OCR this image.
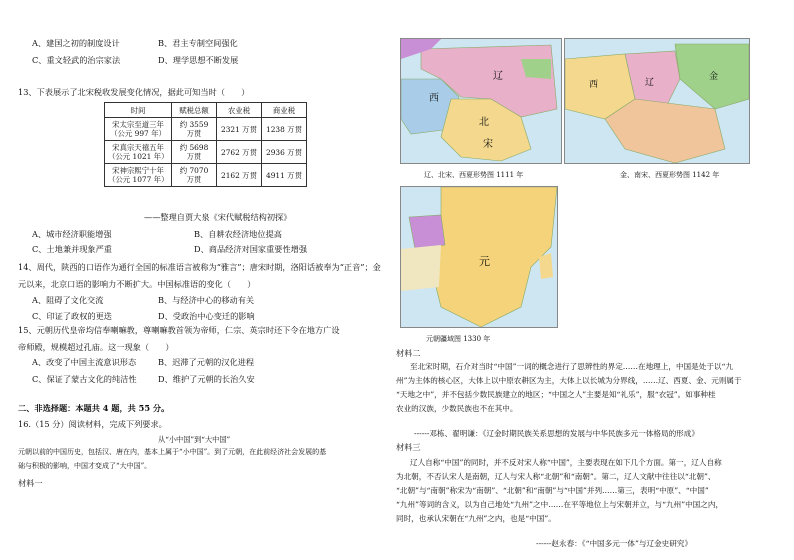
A、建国之初的制度设计	B、君主专制空间强化
C、重文轻武的治宗家法	D、理学思想不断发展
13、下表展示了北宋税收发展变化情况，据此可知当时（　　）
时间	赋税总额	农业税	商业税
宋太宗至道三年
（公元 997 年）	约 3559 万贯	2321 万贯	1238 万贯
宋真宗天禧五年
（公元 1021 年）	约 5698 万贯	2762 万贯	2936 万贯
宋神宗熙宁十年
（公元 1077 年）	约 7070 万贯	2162 万贯	4911 万贯
——整理自贾大泉《宋代赋税结构初探》
A、城市经济职能增强	B、自耕农经济地位提高
C、土地兼并现象严重	D、商品经济对国家重要性增强
14、周代，陕西的口语作为通行全国的标准语言被称为“雅言”；唐宋时期，洛阳话被奉为“正音”；金
元以来，北京口语的影响力不断扩大。中国标准语的变化（　　）
A、阻碍了文化交流	B、与经济中心的移动有关
C、印证了政权的更迭	D、受政治中心变迁的影响
15、元朝历代皇帝均信奉喇嘛教，尊喇嘛教首领为帝师，仁宗、英宗时还下令在地方广设
帝师殿，规模超过孔庙。这一现象（　　）
A、改变了中国主流意识形态	B、迟滞了元朝的汉化进程
C、保证了蒙古文化的纯洁性	D、维护了元朝的长治久安
二、非选择题：本题共 4 题，共 55 分。
16.（15 分）阅读材料，完成下列要求。
从“小中国”到“大中国”
元朝以前的中国历史，包括汉、唐在内，基本上属于“小中国”。到了元朝，在此前经济社会发展的基
础与积极的影响，中国才变成了“大中国”。
材料一
辽
西
北
宋
辽、北宋、西夏形势图 1111 年
西	辽
金
金、南宋、西夏形势图 1142 年
元
元朝疆域图 1330 年
材料二
至北宋时期，石介对当时“中国”一词的概念进行了思辨性的界定……在地理上，中国是处于以“九
州”为主体的核心区，大体上以中原农耕区为主，大体上以长城为分界线，……辽、西夏、金、元则属于
“天地之中”，并不包括少数民族建立的地区；“中国之人”主要是知“礼乐”，服“衣冠”。如事种桂
农业的汉族，少数民族也不在其中。
------邓栋、翟明谦：《辽金时期民族关系思想的发展与中华民族多元一体格局的形成》
材料三
辽人自称“中国”的同时，并不反对宋人称“中国”，主要表现在如下几个方面。第一，辽人自称
为北朝，不否认宋人是南朝，辽人与宋人称“北朝”和“南朝”。第二，辽人文献中往往以“北朝”、
“北朝”与“南朝”称宋为“南朝”、“北朝”和“南朝”与“中国”并列……第三，表明“中原”、“中国”
“九州”等词的含义，以为自己地处“九州”之中……在平等地位上与宋朝并立，与“九州”中国之内，
同时，也承认宋朝在“九州”之内，也是“中国”。
------赵永春：《“中国多元一体”与辽金史研究》
